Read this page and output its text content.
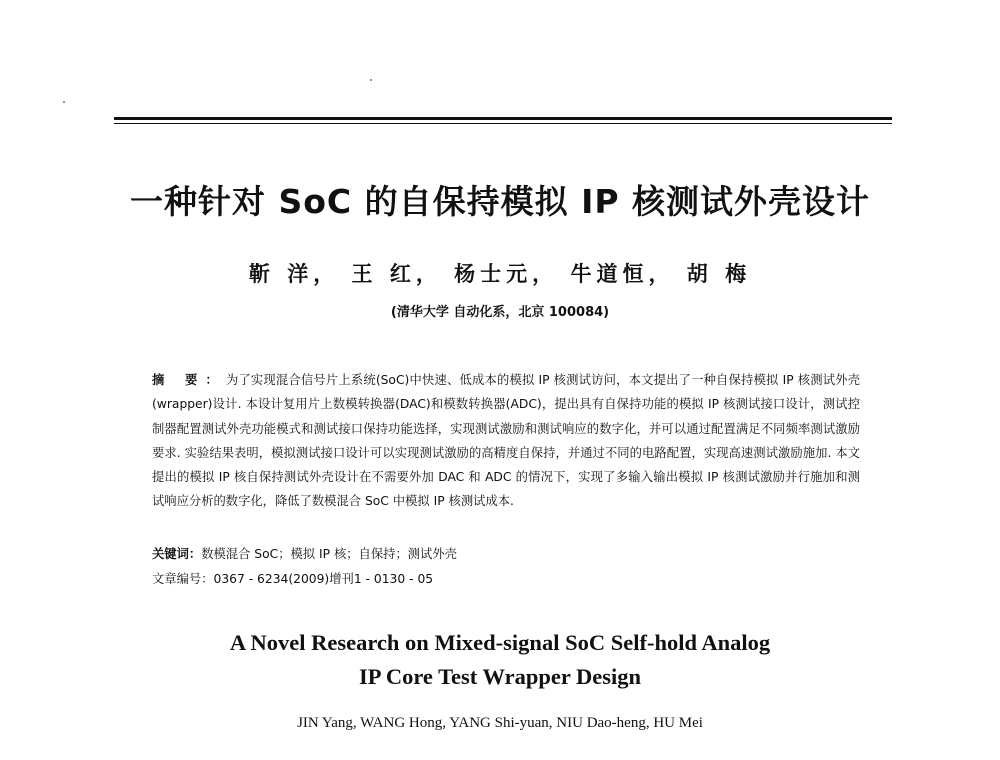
一种针对 SoC 的自保持模拟 IP 核测试外壳设计
靳 洋， 王 红， 杨士元， 牛道恒， 胡 梅
(清华大学 自动化系，北京 100084)
摘 要：为了实现混合信号片上系统(SoC)中快速、低成本的模拟 IP 核测试访问，本文提出了一种自保持模拟 IP 核测试外壳(wrapper)设计. 本设计复用片上数模转换器(DAC)和模数转换器(ADC)，提出具有自保持功能的模拟 IP 核测试接口设计，测试控制器配置测试外壳功能模式和测试接口保持功能选择，实现测试激励和测试响应的数字化，并可以通过配置满足不同频率测试激励要求. 实验结果表明，模拟测试接口设计可以实现测试激励的高精度自保持，并通过不同的电路配置，实现高速测试激励施加. 本文提出的模拟 IP 核自保持测试外壳设计在不需要外加 DAC 和 ADC 的情况下，实现了多输入输出模拟 IP 核测试激励并行施加和测试响应分析的数字化，降低了数模混合 SoC 中模拟 IP 核测试成本.
关键词：数模混合 SoC；模拟 IP 核；自保持；测试外壳
文章编号：0367 - 6234(2009)增刊1 - 0130 - 05
A Novel Research on Mixed-signal SoC Self-hold Analog
IP Core Test Wrapper Design
JIN Yang, WANG Hong, YANG Shi-yuan, NIU Dao-heng, HU Mei
